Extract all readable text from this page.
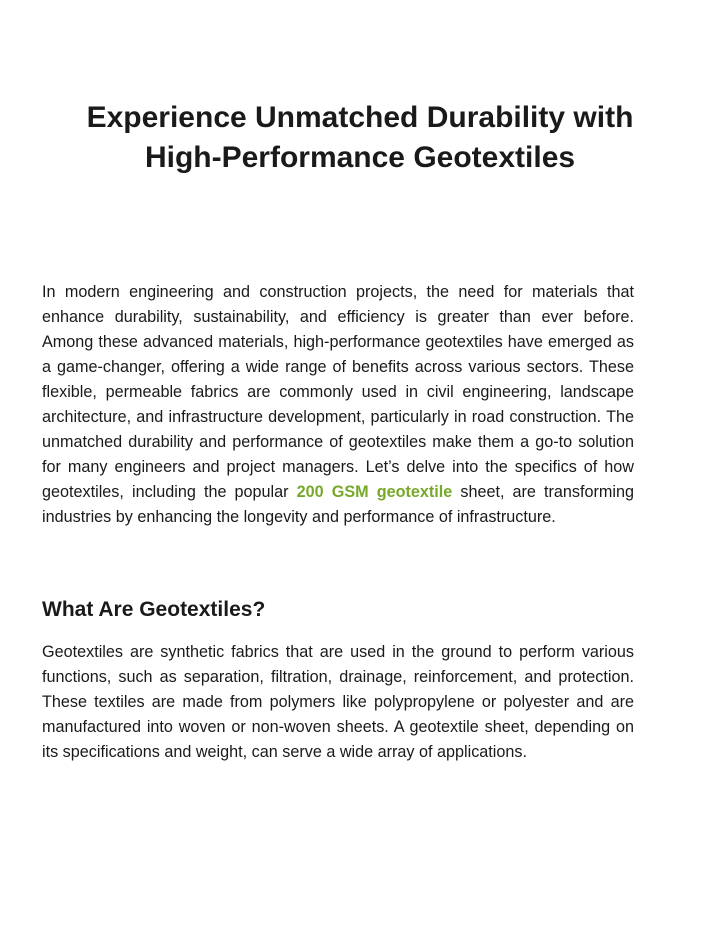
Experience Unmatched Durability with
High-Performance Geotextiles

In modern engineering and construction projects, the need for materials that enhance durability, sustainability, and efficiency is greater than ever before. Among these advanced materials, high-performance geotextiles have emerged as a game-changer, offering a wide range of benefits across various sectors. These flexible, permeable fabrics are commonly used in civil engineering, landscape architecture, and infrastructure development, particularly in road construction. The unmatched durability and performance of geotextiles make them a go-to solution for many engineers and project managers. Let’s delve into the specifics of how geotextiles, including the popular 200 GSM geotextile sheet, are transforming industries by enhancing the longevity and performance of infrastructure.

What Are Geotextiles?

Geotextiles are synthetic fabrics that are used in the ground to perform various functions, such as separation, filtration, drainage, reinforcement, and protection. These textiles are made from polymers like polypropylene or polyester and are manufactured into woven or non-woven sheets. A geotextile sheet, depending on its specifications and weight, can serve a wide array of applications.
